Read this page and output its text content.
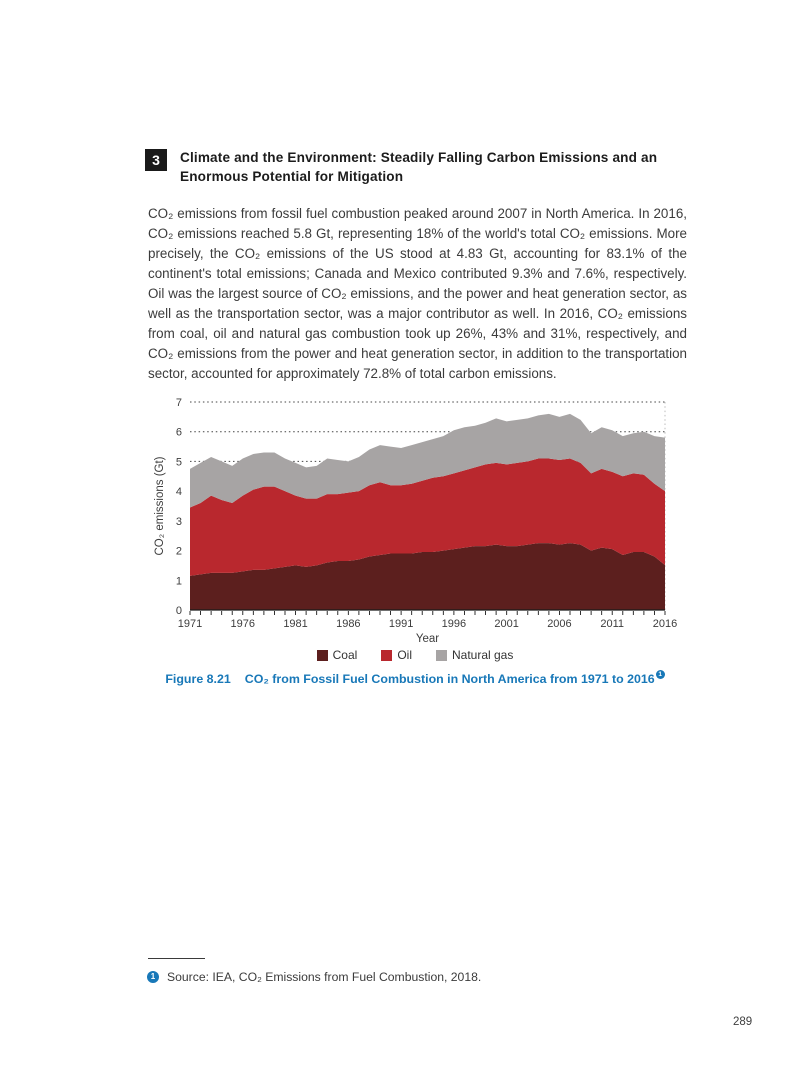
3	Climate and the Environment: Steadily Falling Carbon Emissions and an Enormous Potential for Mitigation

CO₂ emissions from fossil fuel combustion peaked around 2007 in North America. In 2016, CO₂ emissions reached 5.8 Gt, representing 18% of the world's total CO₂ emissions. More precisely, the CO₂ emissions of the US stood at 4.83 Gt, accounting for 83.1% of the continent's total emissions; Canada and Mexico contributed 9.3% and 7.6%, respectively. Oil was the largest source of CO₂ emissions, and the power and heat generation sector, as well as the transportation sector, was a major contributor as well. In 2016, CO₂ emissions from coal, oil and natural gas combustion took up 26%, 43% and 31%, respectively, and CO₂ emissions from the power and heat generation sector, in addition to the transportation sector, accounted for approximately 72.8% of total carbon emissions.

0
1
2
3
4
5
6
7
1971	1976	1981	1986	1991	1996	2001	2006	2011	2016
Year
CO₂ emissions (Gt)
Coal	Oil	Natural gas
Figure 8.21 CO₂ from Fossil Fuel Combustion in North America from 1971 to 2016 1
1 Source: IEA, CO₂ Emissions from Fuel Combustion, 2018.
289
